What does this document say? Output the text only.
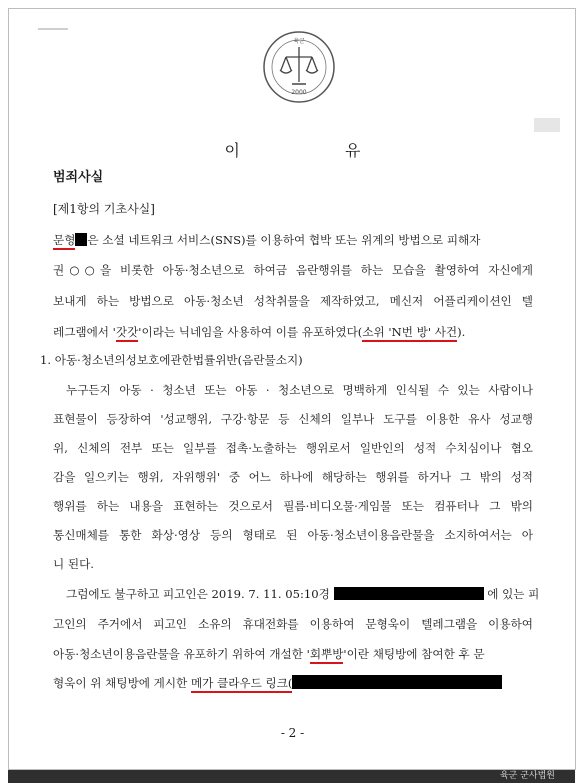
육군
2000
이 유
범죄사실
[제1항의 기초사실]
문형 은 소셜 네트워크 서비스(SNS)를 이용하여 협박 또는 위계의 방법으로 피해자
권○○을 비롯한 아동·청소년으로 하여금 음란행위를 하는 모습을 촬영하여 자신에게
보내게 하는 방법으로 아동·청소년 성착취물을 제작하였고, 메신저 어플리케이션인 텔
레그램에서 '갓갓'이라는 닉네임을 사용하여 이를 유포하였다(소위 'N번 방' 사건).
1. 아동·청소년의성보호에관한법률위반(음란물소지)
누구든지 아동 · 청소년 또는 아동 · 청소년으로 명백하게 인식될 수 있는 사람이나
표현물이 등장하여 '성교행위, 구강·항문 등 신체의 일부나 도구를 이용한 유사 성교행
위, 신체의 전부 또는 일부를 접촉·노출하는 행위로서 일반인의 성적 수치심이나 혐오
감을 일으키는 행위, 자위행위' 중 어느 하나에 해당하는 행위를 하거나 그 밖의 성적
행위를 하는 내용을 표현하는 것으로서 필름·비디오물·게임물 또는 컴퓨터나 그 밖의
통신매체를 통한 화상·영상 등의 형태로 된 아동·청소년이용음란물을 소지하여서는 아
니 된다.
그럼에도 불구하고 피고인은 2019. 7. 11. 05:10경	에 있는 피
고인의 주거에서 피고인 소유의 휴대전화를 이용하여 문형욱이 텔레그램을 이용하여
아동·청소년이용음란물을 유포하기 위하여 개설한 '회뿌방'이란 채팅방에 참여한 후 문
형욱이 위 채팅방에 게시한 메가 클라우드 링크(
- 2 -
육군 군사법원
